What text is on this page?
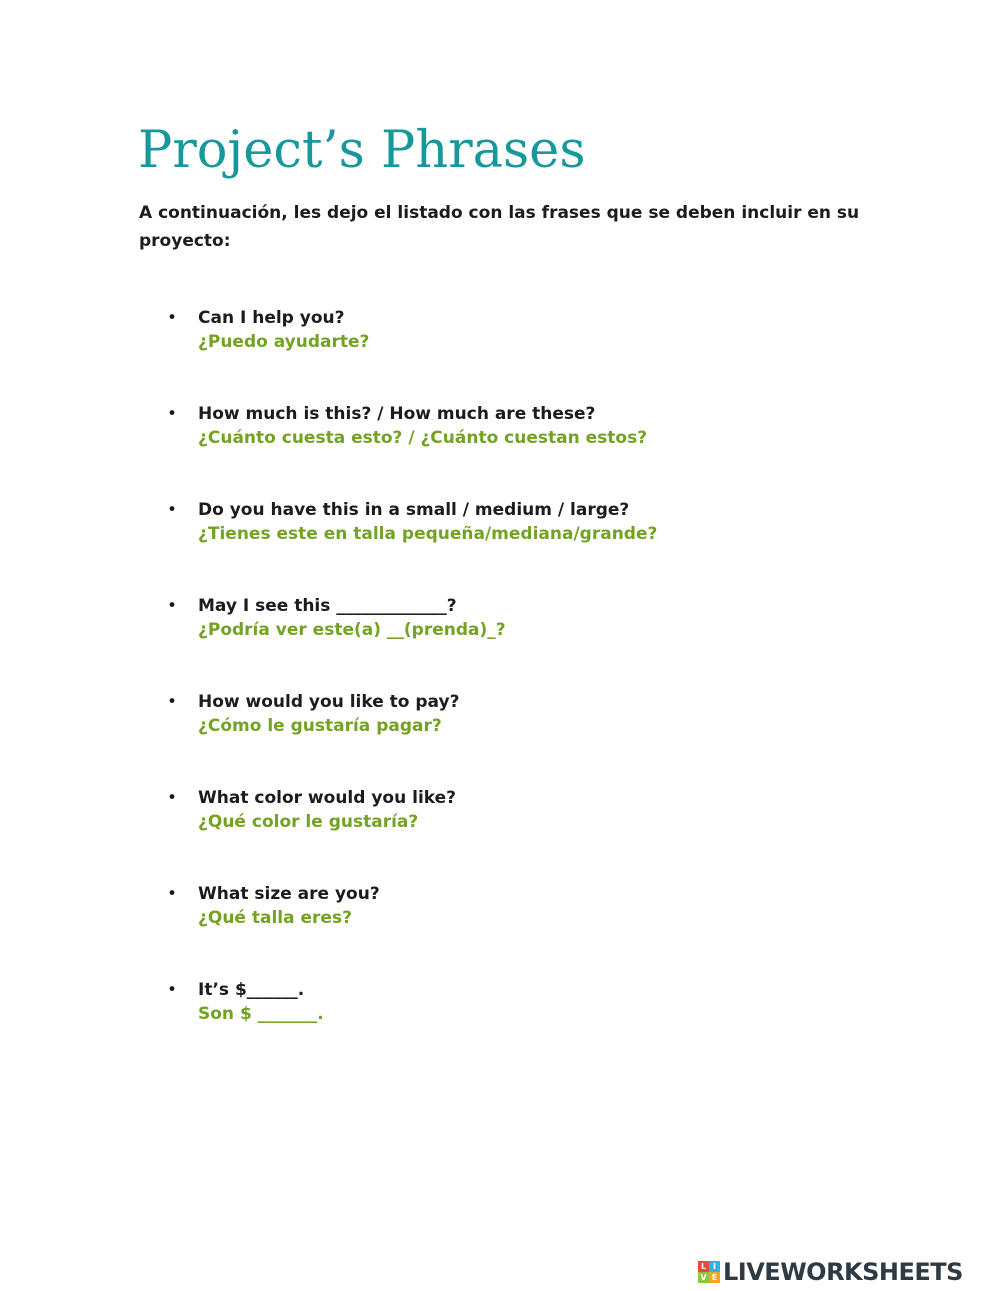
Project’s Phrases

A continuación, les dejo el listado con las frases que se deben incluir en su proyecto:

• Can I help you?
¿Puedo ayudarte?
• How much is this? / How much are these?
¿Cuánto cuesta esto? / ¿Cuánto cuestan estos?
• Do you have this in a small / medium / large?
¿Tienes este en talla pequeña/mediana/grande?
• May I see this _____________?
¿Podría ver este(a) __(prenda)_?
• How would you like to pay?
¿Cómo le gustaría pagar?
• What color would you like?
¿Qué color le gustaría?
• What size are you?
¿Qué talla eres?
• It’s $______.
Son $ _______.
L I
V E LIVEWORKSHEETS
